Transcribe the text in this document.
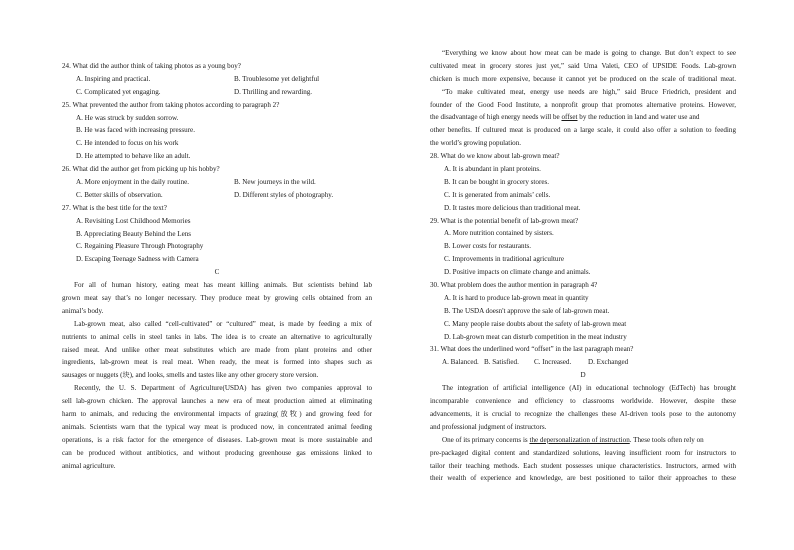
24. What did the author think of taking photos as a young boy?
A. Inspiring and practical.	B. Troublesome yet delightful
C. Complicated yet engaging.	D. Thrilling and rewarding.
25. What prevented the author from taking photos according to paragraph 2?
A. He was struck by sudden sorrow.
B. He was faced with increasing pressure.
C. He intended to focus on his work
D. He attempted to behave like an adult.
26. What did the author get from picking up his hobby?
A. More enjoyment in the daily routine.	B. New journeys in the wild.
C. Better skills of observation.	D. Different styles of photography.
27. What is the best title for the text?
A. Revisiting Lost Childhood Memories
B. Appreciating Beauty Behind the Lens
C. Regaining Pleasure Through Photography
D. Escaping Teenage Sadness with Camera
C
For all of human history, eating meat has meant killing animals. But scientists behind lab
grown meat say that’s no longer necessary. They produce meat by growing cells obtained from an
animal’s body.
Lab-grown meat, also called “cell-cultivated” or “cultured” meat, is made by feeding a mix of
nutrients to animal cells in steel tanks in labs. The idea is to create an alternative to agriculturally
raised meat. And unlike other meat substitutes which are made from plant proteins and other
ingredients, lab-grown meat is real meat. When ready, the meat is formed into shapes such as
sausages or nuggets (块), and looks, smells and tastes like any other grocery store version.
Recently, the U. S. Department of Agriculture(USDA) has given two companies approval to
sell lab-grown chicken. The approval launches a new era of meat production aimed at eliminating
harm to animals, and reducing the environmental impacts of grazing(放牧) and growing feed for
animals. Scientists warn that the typical way meat is produced now, in concentrated animal feeding
operations, is a risk factor for the emergence of diseases. Lab-grown meat is more sustainable and
can be produced without antibiotics, and without producing greenhouse gas emissions linked to
animal agriculture.
“Everything we know about how meat can be made is going to change. But don’t expect to see
cultivated meat in grocery stores just yet,” said Uma Valeti, CEO of UPSIDE Foods. Lab-grown
chicken is much more expensive, because it cannot yet be produced on the scale of traditional meat.
“To make cultivated meat, energy use needs are high,” said Bruce Friedrich, president and
founder of the Good Food Institute, a nonprofit group that promotes alternative proteins. However,
the disadvantage of high energy needs will be offset by the reduction in land and water use and
other benefits. If cultured meat is produced on a large scale, it could also offer a solution to feeding
the world’s growing population.
28. What do we know about lab-grown meat?
A. It is abundant in plant proteins.
B. It can be bought in grocery stores.
C. It is generated from animals’ cells.
D. It tastes more delicious than traditional meat.
29. What is the potential benefit of lab-grown meat?
A. More nutrition contained by sisters.
B. Lower costs for restaurants.
C. Improvements in traditional agriculture
D. Positive impacts on climate change and animals.
30. What problem does the author mention in paragraph 4?
A. It is hard to produce lab-grown meat in quantity
B. The USDA doesn't approve the sale of lab-grown meat.
C. Many people raise doubts about the safety of lab-grown meat
D. Lab-grown meat can disturb competition in the meat industry
31. What does the underlined word “offset” in the last paragraph mean?
A. Balanced. B. Satisfied.	C. Increased.	D. Exchanged
D
The integration of artificial intelligence (AI) in educational technology (EdTech) has brought
incomparable convenience and efficiency to classrooms worldwide. However, despite these
advancements, it is crucial to recognize the challenges these AI-driven tools pose to the autonomy
and professional judgment of instructors.
One of its primary concerns is the depersonalization of instruction. These tools often rely on
pre-packaged digital content and standardized solutions, leaving insufficient room for instructors to
tailor their teaching methods. Each student possesses unique characteristics. Instructors, armed with
their wealth of experience and knowledge, are best positioned to tailor their approaches to these
